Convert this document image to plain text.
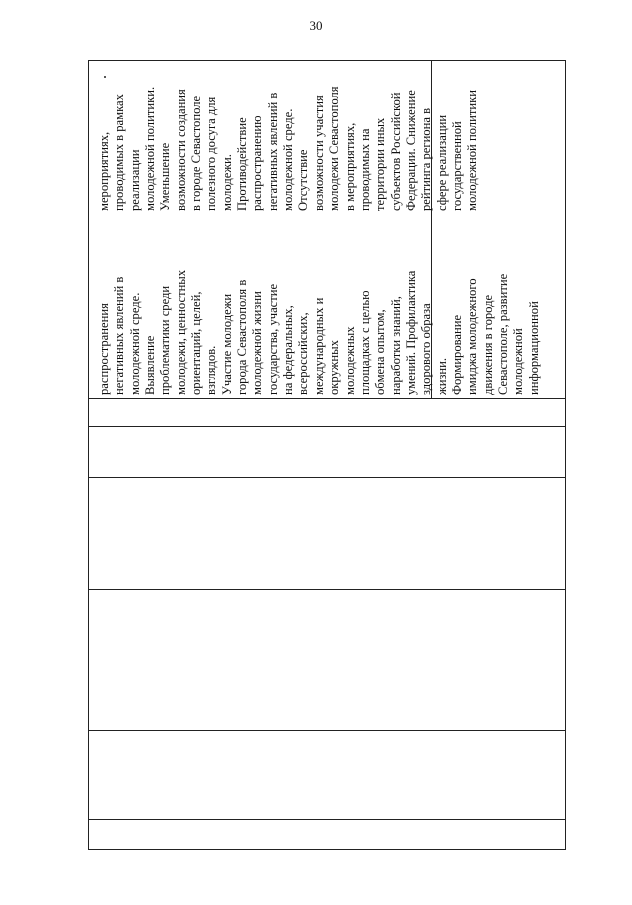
30
мероприятиях, проводимых в рамках реализации молодежной политики. Уменьшение возможности создания в городе Севастополе полезного досуга для молодежи. Противодействие распространению негативных явлений в молодежной среде. Отсутствие возможности участия молодежи Севастополя в мероприятиях, проводимых на территории иных субъектов Российской Федерации. Снижение рейтинга региона в сфере реализации государственной молодежной политики
распространения негативных явлений в молодежной среде. Выявление проблематики среди молодежи, ценностных ориентаций, целей, взглядов. Участие молодежи города Севастополя в молодежной жизни государства, участие на федеральных, всероссийских, международных и окружных молодежных площадках с целью обмена опытом, наработки знаний, умений. Профилактика здорового образа жизни. Формирование имиджа молодежного движения в городе Севастополе, развитие молодежной информационной
